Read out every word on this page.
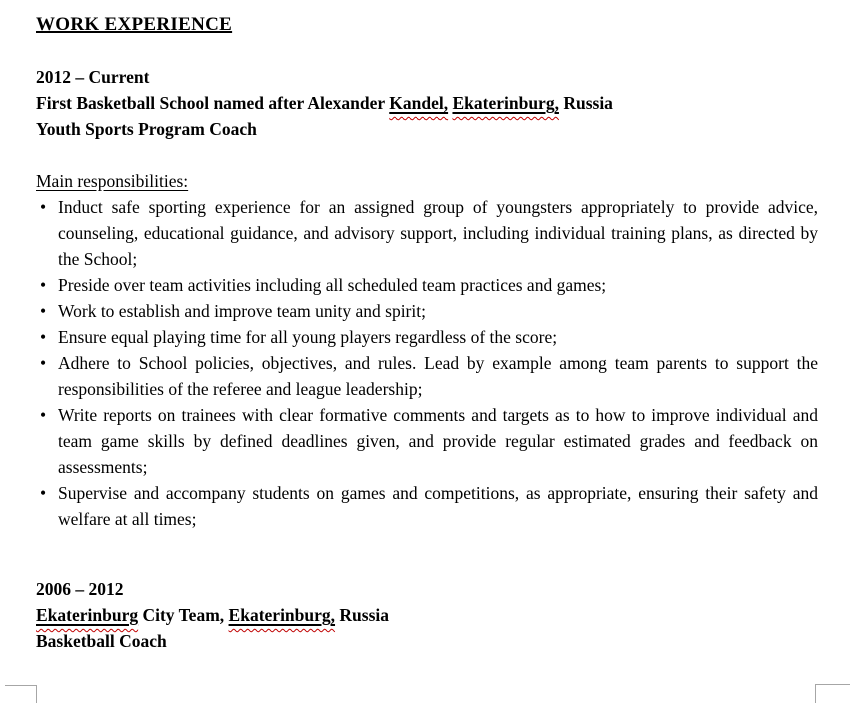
WORK EXPERIENCE

2012 – Current

First Basketball School named after Alexander Kandel, Ekaterinburg, Russia

Youth Sports Program Coach

Main responsibilities:

• Induct safe sporting experience for an assigned group of youngsters appropriately to provide advice, counseling, educational guidance, and advisory support, including individual training plans, as directed by the School;
• Preside over team activities including all scheduled team practices and games;
• Work to establish and improve team unity and spirit;
• Ensure equal playing time for all young players regardless of the score;
• Adhere to School policies, objectives, and rules. Lead by example among team parents to support the responsibilities of the referee and league leadership;
• Write reports on trainees with clear formative comments and targets as to how to improve individual and team game skills by defined deadlines given, and provide regular estimated grades and feedback on assessments;
• Supervise and accompany students on games and competitions, as appropriate, ensuring their safety and welfare at all times;

2006 – 2012

Ekaterinburg City Team, Ekaterinburg, Russia

Basketball Coach
